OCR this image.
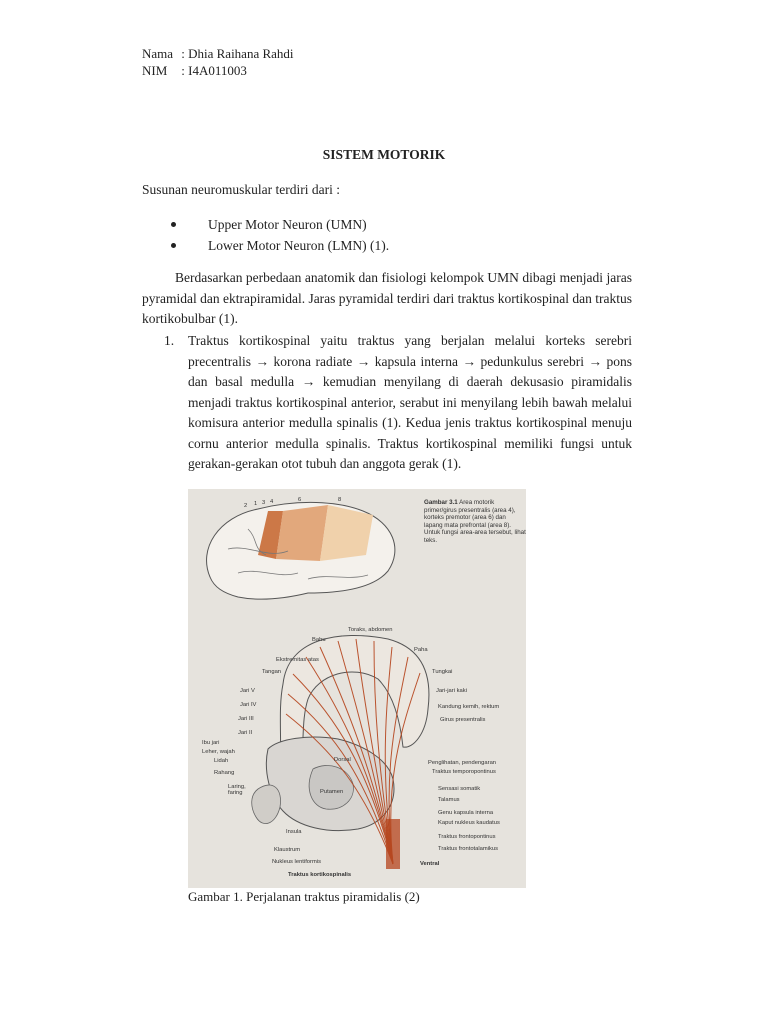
Nama : Dhia Raihana Rahdi
NIM : I4A011003
SISTEM MOTORIK
Susunan neuromuskular terdiri dari :
Upper Motor Neuron (UMN)
Lower Motor Neuron (LMN) (1).

Berdasarkan perbedaan anatomik dan fisiologi kelompok UMN dibagi menjadi jaras pyramidal dan ektrapiramidal. Jaras pyramidal terdiri dari traktus kortikospinal dan traktus kortikobulbar (1).

1. Traktus kortikospinal yaitu traktus yang berjalan melalui korteks serebri precentralis → korona radiate → kapsula interna → pedunkulus serebri → pons dan basal medulla → kemudian menyilang di daerah dekusasio piramidalis menjadi traktus kortikospinal anterior, serabut ini menyilang lebih bawah melalui komisura anterior medulla spinalis (1). Kedua jenis traktus kortikospinal menuju cornu anterior medulla spinalis. Traktus kortikospinal memiliki fungsi untuk gerakan-gerakan otot tubuh dan anggota gerak (1).
Gambar 3.1 Area motorik primer/girus presentralis (area 4), korteks premotor (area 6) dan lapang mata prefrontal (area 8). Untuk fungsi area-area tersebut, lihat teks.
2 1 3 4	6	8
Toraks, abdomen
Bahu
Paha
Ekstremitas atas
Tangan
Jari V
Jari IV
Jari III
Jari II
Ibu jari
Leher, wajah
Lidah
Rahang
Laring, faring
Insula
Klaustrum
Nukleus lentiformis
Tungkai
Jari-jari kaki
Kandung kemih, rektum
Girus presentralis
Penglihatan, pendengaran
Traktus temporopontinus
Sensasi somatik
Talamus
Genu kapsula interna
Kaput nukleus kaudatus
Traktus frontopontinus
Traktus frontotalamikus
Dorsal
Putamen
Ventral
Traktus kortikospinalis
Gambar 1. Perjalanan traktus piramidalis (2)
